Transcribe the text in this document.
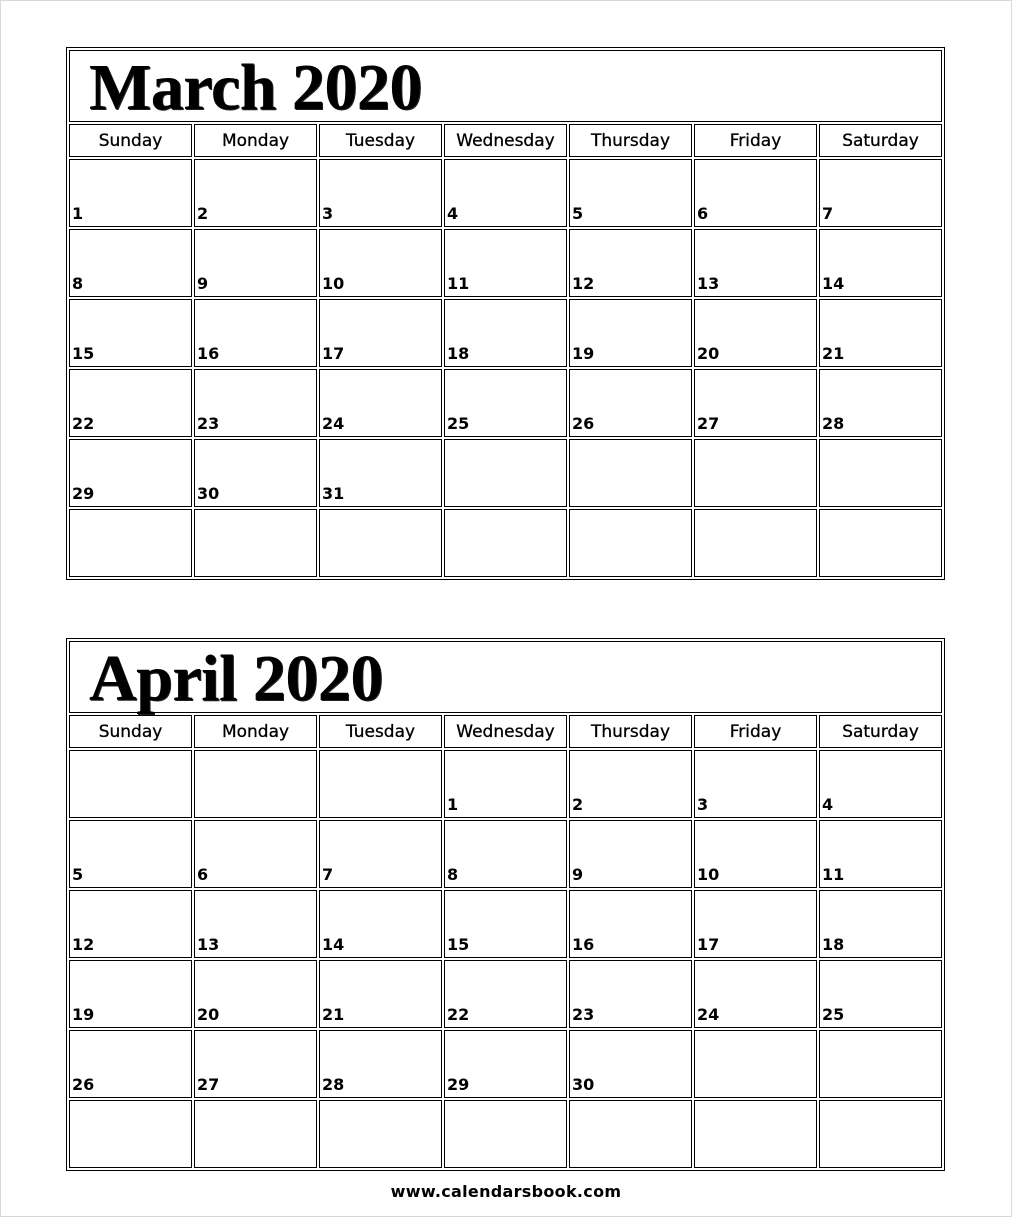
March 2020						

Sunday	Monday	Tuesday	Wednesday	Thursday	Friday	Saturday

1	2	3	4	5	6	7

8	9	10	11	12	13	14

15	16	17	18	19	20	21

22	23	24	25	26	27	28

29	30	31				

April 2020						

Sunday	Monday	Tuesday	Wednesday	Thursday	Friday	Saturday

			1	2	3	4

5	6	7	8	9	10	11

12	13	14	15	16	17	18

19	20	21	22	23	24	25

26	27	28	29	30		

www.calendarsbook.com
